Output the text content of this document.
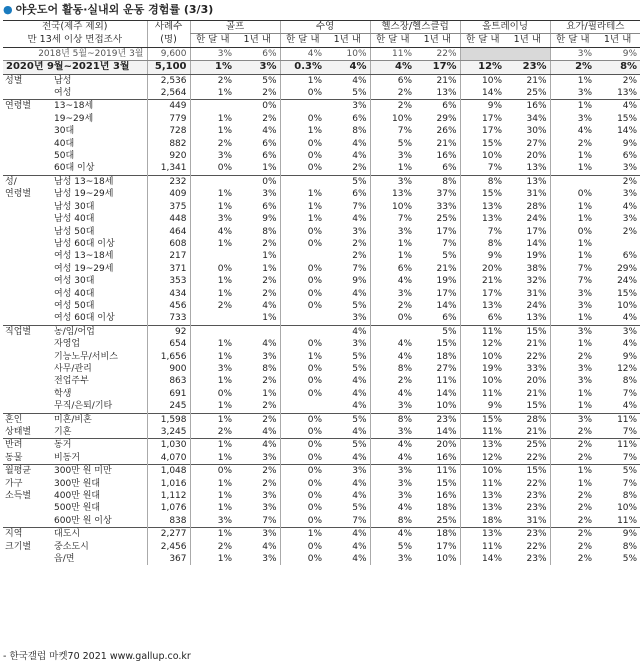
● 야웃도어 활동·실내외 운동 경험률 (3/3)
전국(제주 제외)		사례수	골프		수영		헬스장/헬스클럽		올트레이닝		요가/필라테스	
만 13세 이상 면접조사		(명)	한 달 내	1년 내	한 달 내	1년 내	한 달 내	1년 내	한 달 내	1년 내	한 달 내	1년 내
2018년 5월~2019년 3월		9,600	3%	6%	4%	10%	11%	22%			3%	9%
2020년 9월~2021년 3월		5,100	1%	3%	0.3%	4%	4%	17%	12%	23%	2%	8%
성별	남성	2,536	2%	5%	1%	4%	6%	21%	10%	21%	1%	2%
	여성	2,564	1%	2%	0%	5%	2%	13%	14%	25%	3%	13%
연령별	13~18세	449		0%		3%	2%	6%	9%	16%	1%	4%
	19~29세	779	1%	2%	0%	6%	10%	29%	17%	34%	3%	15%
	30대	728	1%	4%	1%	8%	7%	26%	17%	30%	4%	14%
	40대	882	2%	6%	0%	4%	5%	21%	15%	27%	2%	9%
	50대	920	3%	6%	0%	4%	3%	16%	10%	20%	1%	6%
	60대 이상	1,341	0%	1%	0%	2%	1%	6%	7%	13%	1%	3%
성/	남성 13~18세	232		0%		5%	3%	8%	8%	13%		2%
연령별	남성 19~29세	409	1%	3%	1%	6%	13%	37%	15%	31%	0%	3%
	남성 30대	375	1%	6%	1%	7%	10%	33%	13%	28%	1%	4%
	남성 40대	448	3%	9%	1%	4%	7%	25%	13%	24%	1%	3%
	남성 50대	464	4%	8%	0%	3%	3%	17%	7%	17%	0%	2%
	남성 60대 이상	608	1%	2%	0%	2%	1%	7%	8%	14%	1%	
	여성 13~18세	217		1%		2%	1%	5%	9%	19%	1%	6%
	여성 19~29세	371	0%	1%	0%	7%	6%	21%	20%	38%	7%	29%
	여성 30대	353	1%	2%	0%	9%	4%	19%	21%	32%	7%	24%
	여성 40대	434	1%	2%	0%	4%	3%	17%	17%	31%	3%	15%
	여성 50대	456	2%	4%	0%	5%	2%	14%	13%	24%	3%	10%
	여성 60대 이상	733		1%		3%	0%	6%	6%	13%	1%	4%
직업별	농/임/어업	92				4%		5%	11%	15%	3%	3%
	자영업	654	1%	4%	0%	3%	4%	15%	12%	21%	1%	4%
	기능노무/서비스	1,656	1%	3%	1%	5%	4%	18%	10%	22%	2%	9%
	사무/관리	900	3%	8%	0%	5%	8%	27%	19%	33%	3%	12%
	전업주부	863	1%	2%	0%	4%	2%	11%	10%	20%	3%	8%
	학생	691	0%	1%	0%	4%	4%	14%	11%	21%	1%	7%
	무직/은퇴/기타	245	1%	2%		4%	3%	10%	9%	15%	1%	4%
혼인	미혼/비혼	1,598	1%	2%	0%	5%	8%	23%	15%	28%	3%	11%
상태별	기혼	3,245	2%	4%	0%	4%	3%	14%	11%	21%	2%	7%
반려	동거	1,030	1%	4%	0%	5%	4%	20%	13%	25%	2%	11%
동물	비동거	4,070	1%	3%	0%	4%	4%	16%	12%	22%	2%	7%
월평균	300만 원 미만	1,048	0%	2%	0%	3%	3%	11%	10%	15%	1%	5%
가구	300만 원대	1,016	1%	2%	0%	4%	3%	15%	11%	22%	1%	7%
소득별	400만 원대	1,112	1%	3%	0%	4%	3%	16%	13%	23%	2%	8%
	500만 원대	1,076	1%	3%	0%	5%	4%	18%	13%	23%	2%	10%
	600만 원 이상	838	3%	7%	0%	7%	8%	25%	18%	31%	2%	11%
지역	대도시	2,277	1%	3%	1%	4%	4%	18%	13%	23%	2%	9%
크기별	중소도시	2,456	2%	4%	0%	4%	5%	17%	11%	22%	2%	8%
	읍/면	367	1%	3%	0%	4%	3%	10%	14%	23%	2%	5%
- 한국갤럽 마켓70 2021 www.gallup.co.kr
